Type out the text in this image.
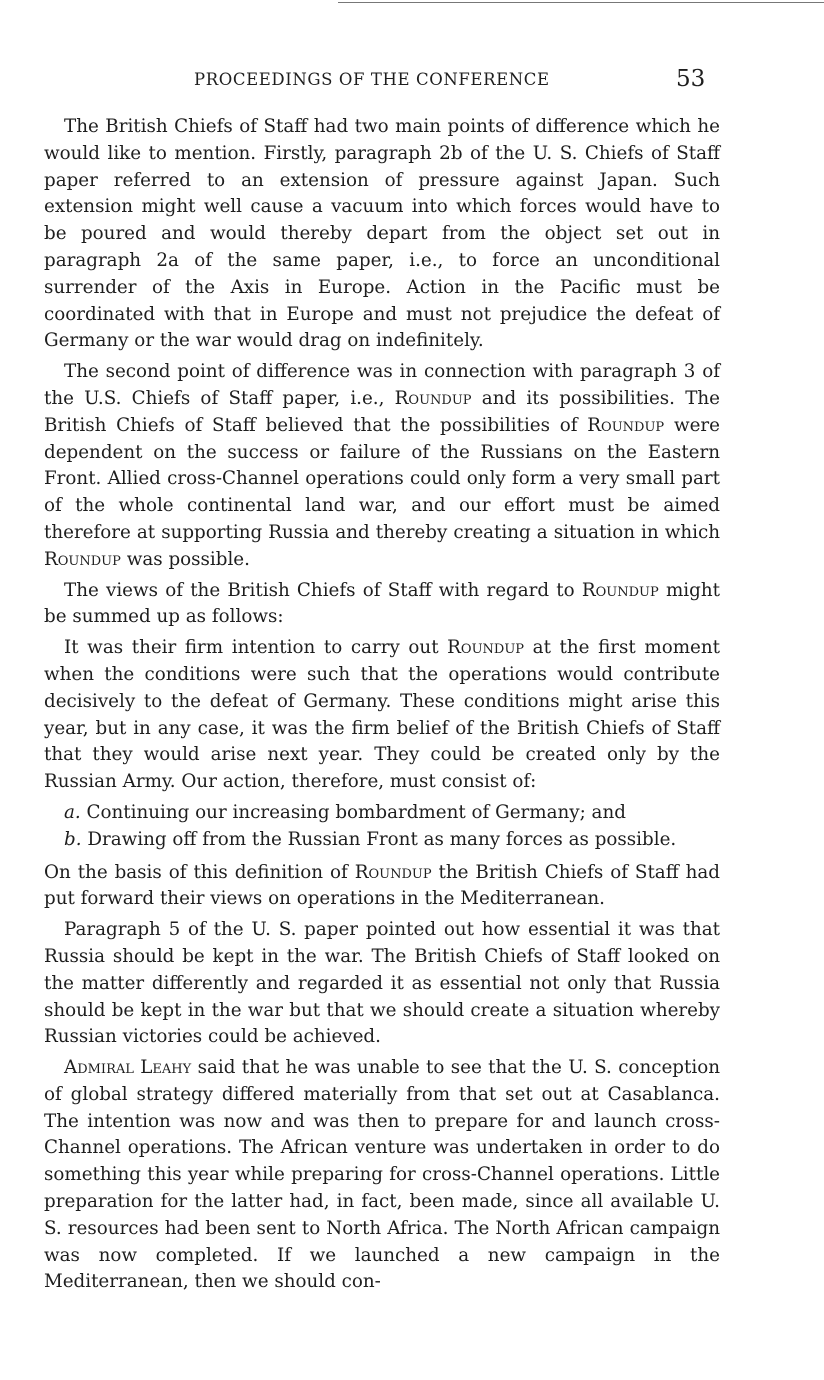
PROCEEDINGS OF THE CONFERENCE	53

The British Chiefs of Staff had two main points of difference which he would like to mention. Firstly, paragraph 2b of the U. S. Chiefs of Staff paper referred to an extension of pressure against Japan. Such extension might well cause a vacuum into which forces would have to be poured and would thereby depart from the object set out in paragraph 2a of the same paper, i.e., to force an unconditional surrender of the Axis in Europe. Action in the Pacific must be coordinated with that in Europe and must not prejudice the defeat of Germany or the war would drag on indefinitely.

The second point of difference was in connection with paragraph 3 of the U.S. Chiefs of Staff paper, i.e., Roundup and its possibilities. The British Chiefs of Staff believed that the possibilities of Roundup were dependent on the success or failure of the Russians on the Eastern Front. Allied cross-Channel operations could only form a very small part of the whole continental land war, and our effort must be aimed therefore at supporting Russia and thereby creating a situation in which Roundup was possible.

The views of the British Chiefs of Staff with regard to Roundup might be summed up as follows:

It was their firm intention to carry out Roundup at the first moment when the conditions were such that the operations would contribute decisively to the defeat of Germany. These conditions might arise this year, but in any case, it was the firm belief of the British Chiefs of Staff that they would arise next year. They could be created only by the Russian Army. Our action, therefore, must consist of:

a. Continuing our increasing bombardment of Germany; and
b. Drawing off from the Russian Front as many forces as possible.

On the basis of this definition of Roundup the British Chiefs of Staff had put forward their views on operations in the Mediterranean.

Paragraph 5 of the U. S. paper pointed out how essential it was that Russia should be kept in the war. The British Chiefs of Staff looked on the matter differently and regarded it as essential not only that Russia should be kept in the war but that we should create a situation whereby Russian victories could be achieved.

Admiral Leahy said that he was unable to see that the U. S. conception of global strategy differed materially from that set out at Casablanca. The intention was now and was then to prepare for and launch cross-Channel operations. The African venture was undertaken in order to do something this year while preparing for cross-Channel operations. Little preparation for the latter had, in fact, been made, since all available U. S. resources had been sent to North Africa. The North African campaign was now completed. If we launched a new campaign in the Mediterranean, then we should con-
